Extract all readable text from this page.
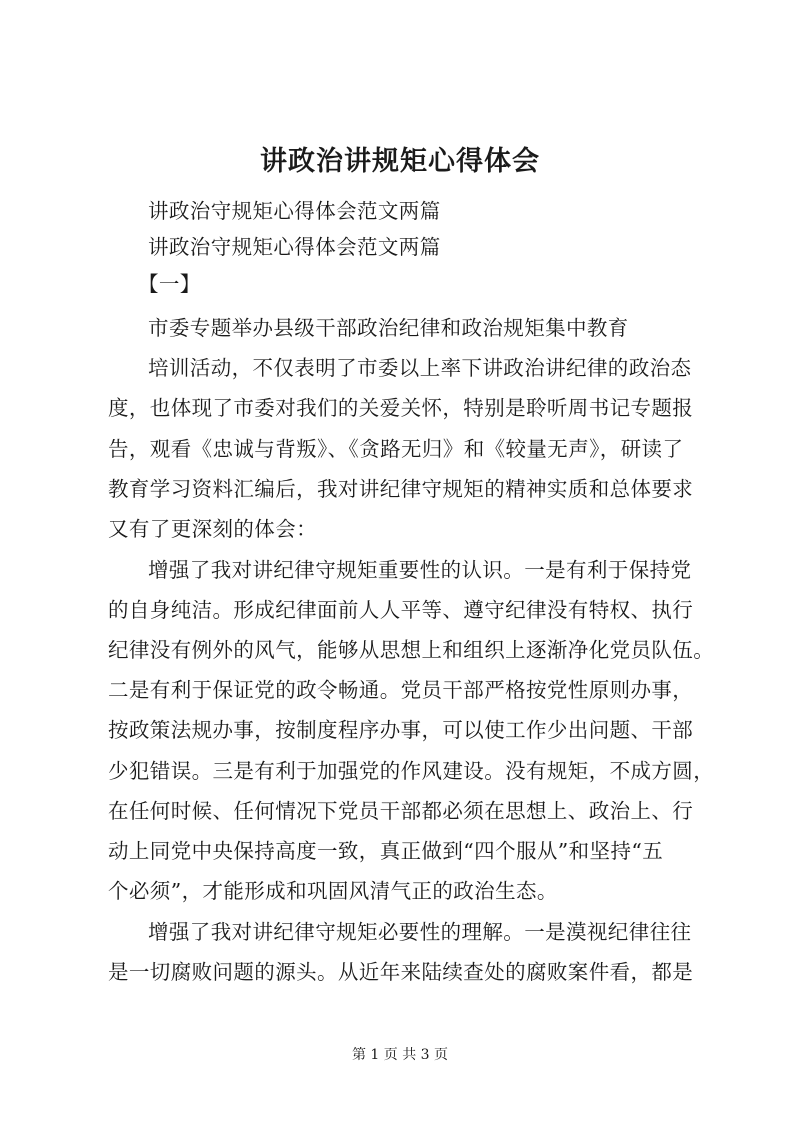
讲政治讲规矩心得体会
讲政治守规矩心得体会范文两篇
讲政治守规矩心得体会范文两篇
【一】
市委专题举办县级干部政治纪律和政治规矩集中教育
培训活动，不仅表明了市委以上率下讲政治讲纪律的政治态
度，也体现了市委对我们的关爱关怀，特别是聆听周书记专题报
告，观看《忠诚与背叛》、《贪路无归》和《较量无声》，研读了
教育学习资料汇编后，我对讲纪律守规矩的精神实质和总体要求
又有了更深刻的体会：
增强了我对讲纪律守规矩重要性的认识。一是有利于保持党
的自身纯洁。形成纪律面前人人平等、遵守纪律没有特权、执行
纪律没有例外的风气，能够从思想上和组织上逐渐净化党员队伍。
二是有利于保证党的政令畅通。党员干部严格按党性原则办事，
按政策法规办事，按制度程序办事，可以使工作少出问题、干部
少犯错误。三是有利于加强党的作风建设。没有规矩，不成方圆，
在任何时候、任何情况下党员干部都必须在思想上、政治上、行
动上同党中央保持高度一致，真正做到“四个服从”和坚持“五
个必须”，才能形成和巩固风清气正的政治生态。
增强了我对讲纪律守规矩必要性的理解。一是漠视纪律往往
是一切腐败问题的源头。从近年来陆续查处的腐败案件看，都是
第 1 页 共 3 页
